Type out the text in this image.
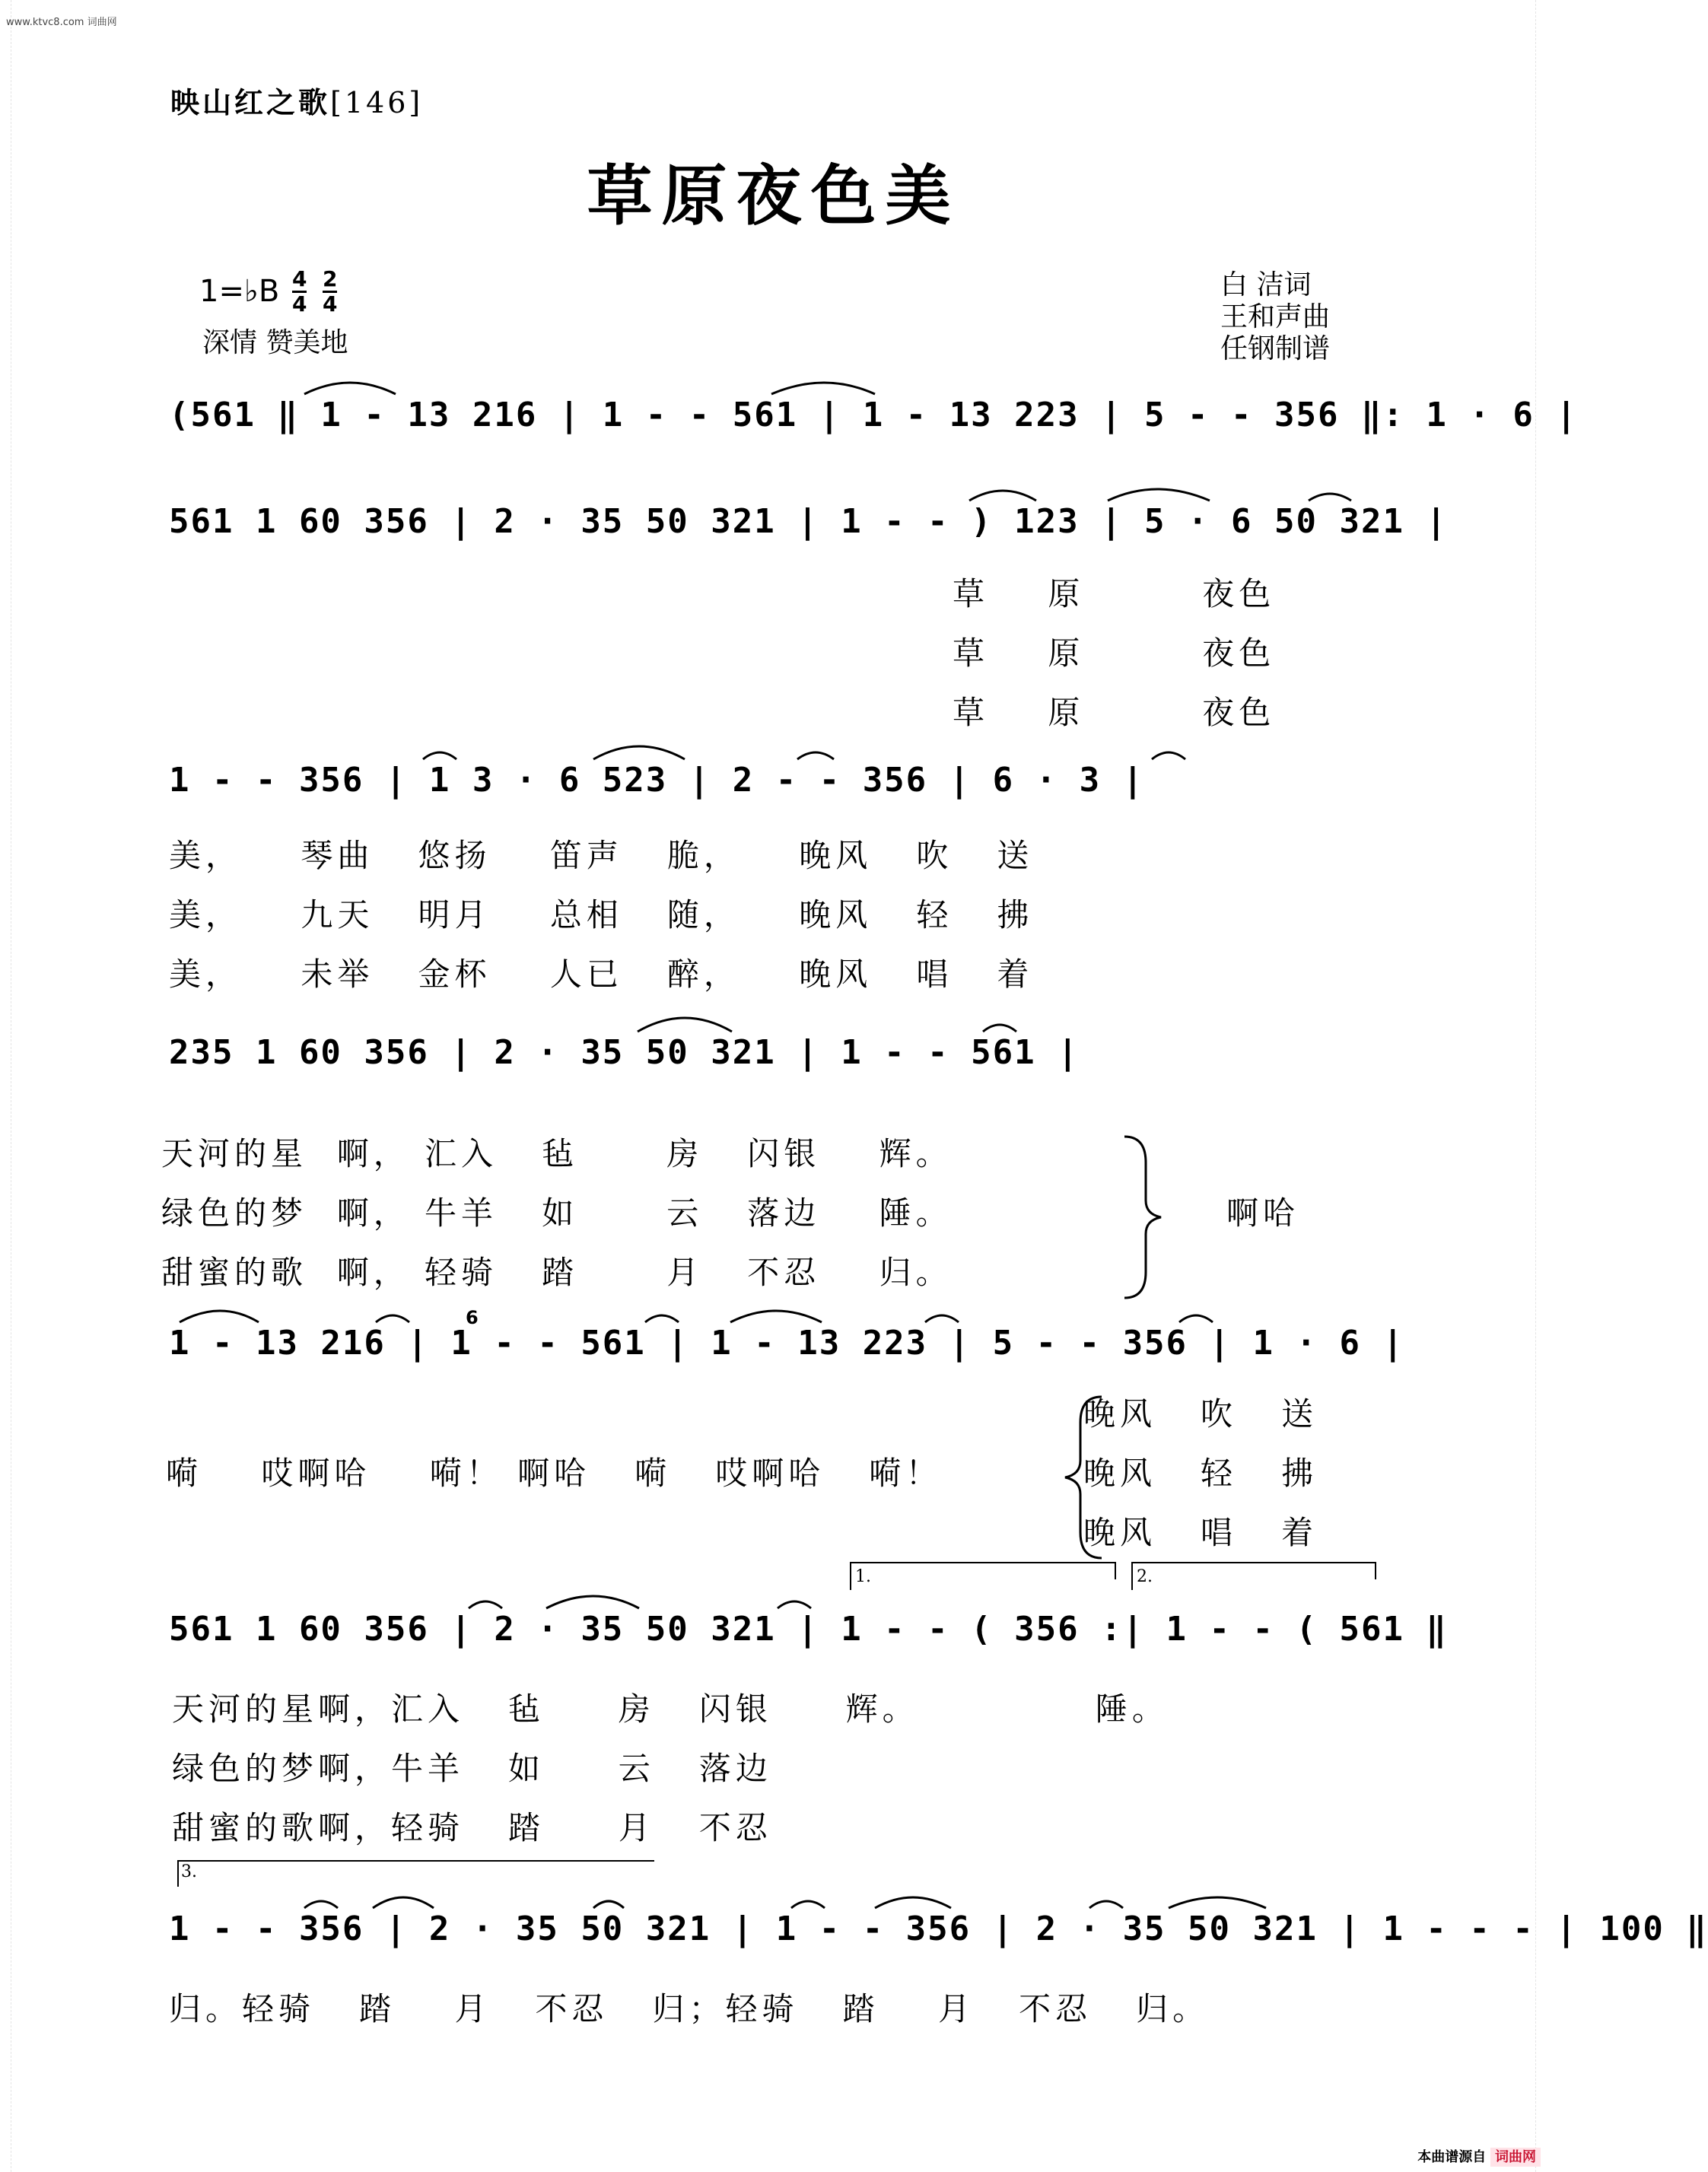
www.ktvc8.com 词曲网
映山红之歌[146]
草原夜色美
1=♭B $\frac{4}{4} \frac{2}{4}$
深情 赞美地
白 洁词
王和声曲
任钢制谱
(561 ‖ 1 - 13 216 | 1 - - 561 | 1 - 13 223 | 5 - - 356 ‖: 1 · 6 |
561 1 60 356 | 2 · 35 50 321 | 1 - - ) 123 | 5 · 6 50 321 |
1 - - 356 | 1 3 · 6 523 | 2 - - 356 | 6 · 3 |
235 1 60 356 | 2 · 35 50 321 | 1 - - 561 |
1 - 13 216 | 1 - - 561 | 1 - 13 223 | 5 - - 356 | 1 · 6 |
561 1 60 356 | 2 · 35 50 321 | 1 - - ( 356 :| 1 - - ( 561 ‖
1 - - 356 | 2 · 35 50 321 | 1 - - 356 | 2 · 35 50 321 | 1 - - - | 100 ‖
6
1.	2.
3.
草    原        夜色
草    原        夜色
草    原        夜色
美，    琴曲   悠扬    笛声   脆，    晚风   吹   送
美，    九天   明月    总相   随，    晚风   轻   拂
美，    未举   金杯    人已   醉，    晚风   唱   着
天河的星  啊， 汇入   毡      房   闪银    辉。
绿色的梦  啊， 牛羊   如      云   落边    陲。
甜蜜的歌  啊， 轻骑   踏      月   不忍    归。
啊哈
嗬    哎啊哈    嗬！ 啊哈   嗬   哎啊哈   嗬！
晚风   吹   送
晚风   轻   拂
晚风   唱   着
天河的星啊，汇入   毡     房   闪银     辉。            陲。
绿色的梦啊，牛羊   如     云   落边
甜蜜的歌啊，轻骑   踏     月   不忍
归。轻骑   踏    月   不忍   归；轻骑   踏    月   不忍   归。
本曲谱源自 词曲网
